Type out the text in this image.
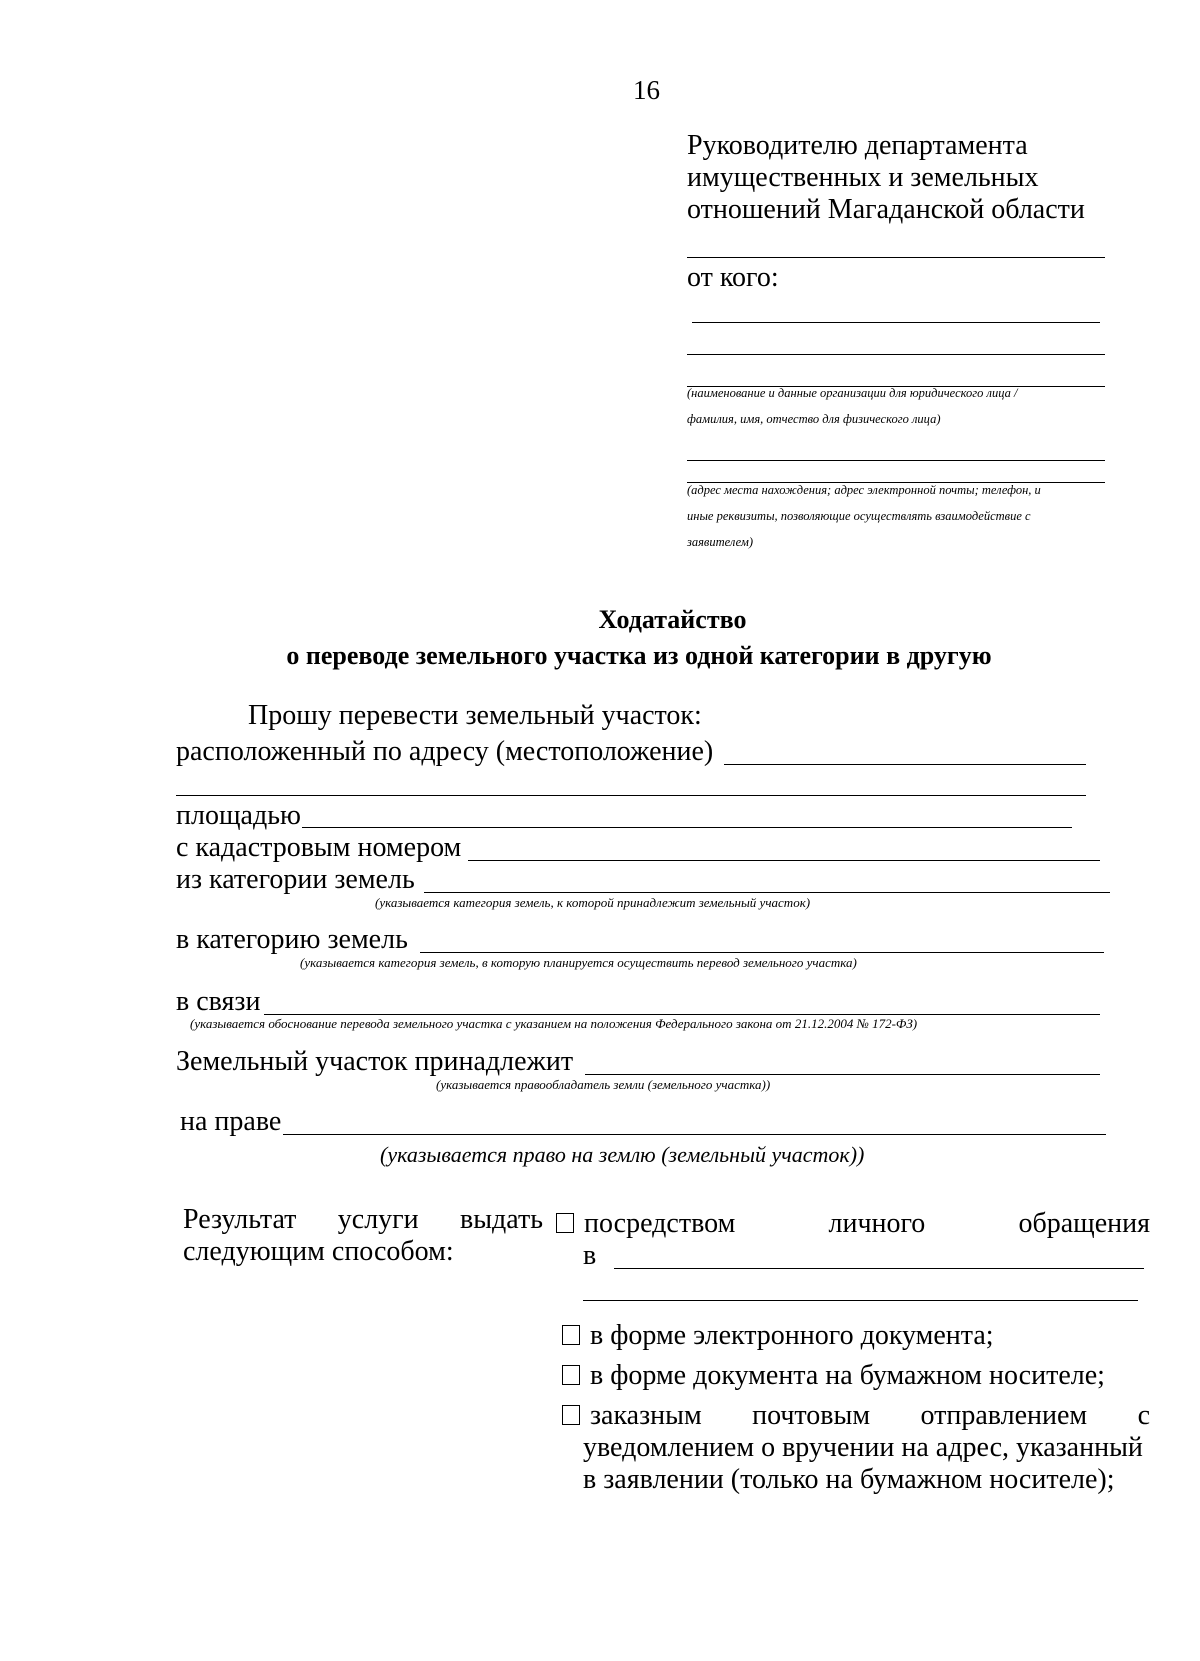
16
Руководителю департамента
имущественных и земельных
отношений Магаданской области
от кого:
(наименование и данные организации для юридического лица /
фамилия, имя, отчество для физического лица)
(адрес места нахождения; адрес электронной почты; телефон, и
иные реквизиты, позволяющие осуществлять взаимодействие с
заявителем)
Ходатайство
о переводе земельного участка из одной категории в другую
Прошу перевести земельный участок:
расположенный по адресу (местоположение)
площадью
с кадастровым номером
из категории земель
(указывается категория земель, к которой принадлежит земельный участок)
в категорию земель
(указывается категория земель, в которую планируется осуществить перевод земельного участка)
в связи
(указывается обоснование перевода земельного участка с указанием на положения Федерального закона от 21.12.2004 № 172-ФЗ)
Земельный участок принадлежит
(указывается правообладатель земли (земельного участка))
на праве
(указывается право на землю (земельный участок))
Результат услуги выдать
следующим способом:
посредством	личного	обращения
в
в форме электронного документа;
в форме документа на бумажном носителе;
заказным почтовым отправлением с
уведомлением о вручении на адрес, указанный
в заявлении (только на бумажном носителе);
